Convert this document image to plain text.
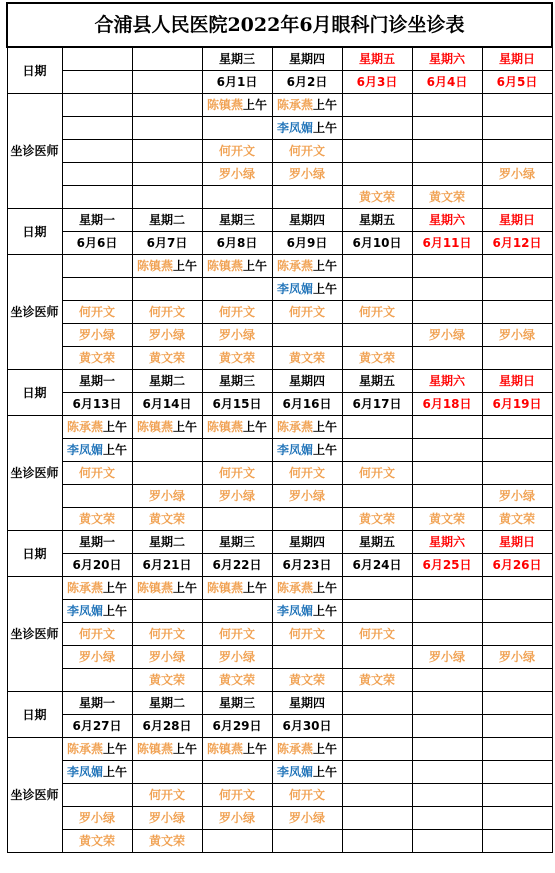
合浦县人民医院2022年6月眼科门诊坐诊表							
日期			星期三	星期四	星期五	星期六	星期日
			6月1日	6月2日	6月3日	6月4日	6月5日
坐诊医师			陈镇燕上午	陈承燕上午			
				李凤媚上午			
			何开文	何开文			
			罗小绿	罗小绿			罗小绿
					黄文荣	黄文荣	
日期	星期一	星期二	星期三	星期四	星期五	星期六	星期日
	6月6日	6月7日	6月8日	6月9日	6月10日	6月11日	6月12日
坐诊医师		陈镇燕上午	陈镇燕上午	陈承燕上午			
				李凤媚上午			
	何开文	何开文	何开文	何开文	何开文		
	罗小绿	罗小绿	罗小绿			罗小绿	罗小绿
	黄文荣	黄文荣	黄文荣	黄文荣	黄文荣		
日期	星期一	星期二	星期三	星期四	星期五	星期六	星期日
	6月13日	6月14日	6月15日	6月16日	6月17日	6月18日	6月19日
坐诊医师	陈承燕上午	陈镇燕上午	陈镇燕上午	陈承燕上午			
	李凤媚上午			李凤媚上午			
	何开文		何开文	何开文	何开文		
		罗小绿	罗小绿	罗小绿			罗小绿
	黄文荣	黄文荣			黄文荣	黄文荣	黄文荣
日期	星期一	星期二	星期三	星期四	星期五	星期六	星期日
	6月20日	6月21日	6月22日	6月23日	6月24日	6月25日	6月26日
坐诊医师	陈承燕上午	陈镇燕上午	陈镇燕上午	陈承燕上午			
	李凤媚上午			李凤媚上午			
	何开文	何开文	何开文	何开文	何开文		
	罗小绿	罗小绿	罗小绿			罗小绿	罗小绿
		黄文荣	黄文荣	黄文荣	黄文荣		
日期	星期一	星期二	星期三	星期四			
	6月27日	6月28日	6月29日	6月30日			
坐诊医师	陈承燕上午	陈镇燕上午	陈镇燕上午	陈承燕上午			
	李凤媚上午			李凤媚上午			
		何开文	何开文	何开文			
	罗小绿	罗小绿	罗小绿	罗小绿			
	黄文荣	黄文荣					
